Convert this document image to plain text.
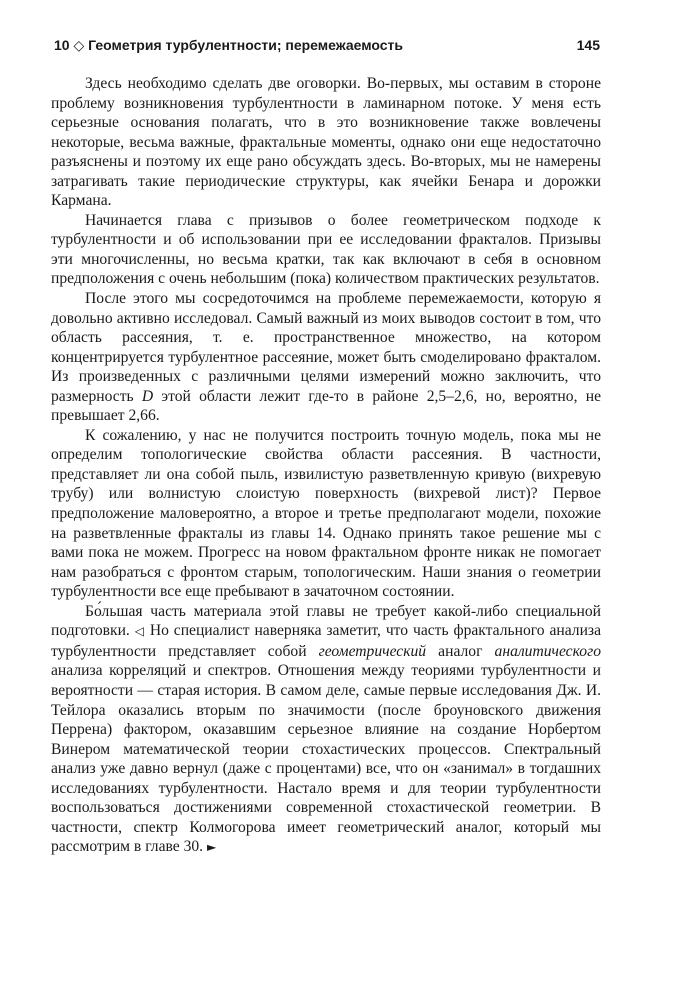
10 ◇ Геометрия турбулентности; перемежаемость	145

Здесь необходимо сделать две оговорки. Во-первых, мы оставим в стороне проблему возникновения турбулентности в ламинарном потоке. У меня есть серьезные основания полагать, что в это возникновение также вовлечены некоторые, весьма важные, фрактальные моменты, однако они еще недостаточно разъяснены и поэтому их еще рано обсуждать здесь. Во-вторых, мы не намерены затрагивать такие периодические структуры, как ячейки Бенара и дорожки Кармана.

Начинается глава с призывов о более геометрическом подходе к турбулентности и об использовании при ее исследовании фракталов. Призывы эти многочисленны, но весьма кратки, так как включают в себя в основном предположения с очень небольшим (пока) количеством практических результатов.

После этого мы сосредоточимся на проблеме перемежаемости, которую я довольно активно исследовал. Самый важный из моих выводов состоит в том, что область рассеяния, т. е. пространственное множество, на котором концентрируется турбулентное рассеяние, может быть смоделировано фракталом. Из произведенных с различными целями измерений можно заключить, что размерность D этой области лежит где-то в районе 2,5–2,6, но, вероятно, не превышает 2,66.

К сожалению, у нас не получится построить точную модель, пока мы не определим топологические свойства области рассеяния. В частности, представляет ли она собой пыль, извилистую разветвленную кривую (вихревую трубу) или волнистую слоистую поверхность (вихревой лист)? Первое предположение маловероятно, а второе и третье предполагают модели, похожие на разветвленные фракталы из главы 14. Однако принять такое решение мы с вами пока не можем. Прогресс на новом фрактальном фронте никак не помогает нам разобраться с фронтом старым, топологическим. Наши знания о геометрии турбулентности все еще пребывают в зачаточном состоянии.

Бо́льшая часть материала этой главы не требует какой-либо специальной подготовки. ◁ Но специалист наверняка заметит, что часть фрактального анализа турбулентности представляет собой геометрический аналог аналитического анализа корреляций и спектров. Отношения между теориями турбулентности и вероятности — старая история. В самом деле, самые первые исследования Дж. И. Тейлора оказались вторым по значимости (после броуновского движения Перрена) фактором, оказавшим серьезное влияние на создание Норбертом Винером математической теории стохастических процессов. Спектральный анализ уже давно вернул (даже с процентами) все, что он «занимал» в тогдашних исследованиях турбулентности. Настало время и для теории турбулентности воспользоваться достижениями современной стохастической геометрии. В частности, спектр Колмогорова имеет геометрический аналог, который мы рассмотрим в главе 30. ►
